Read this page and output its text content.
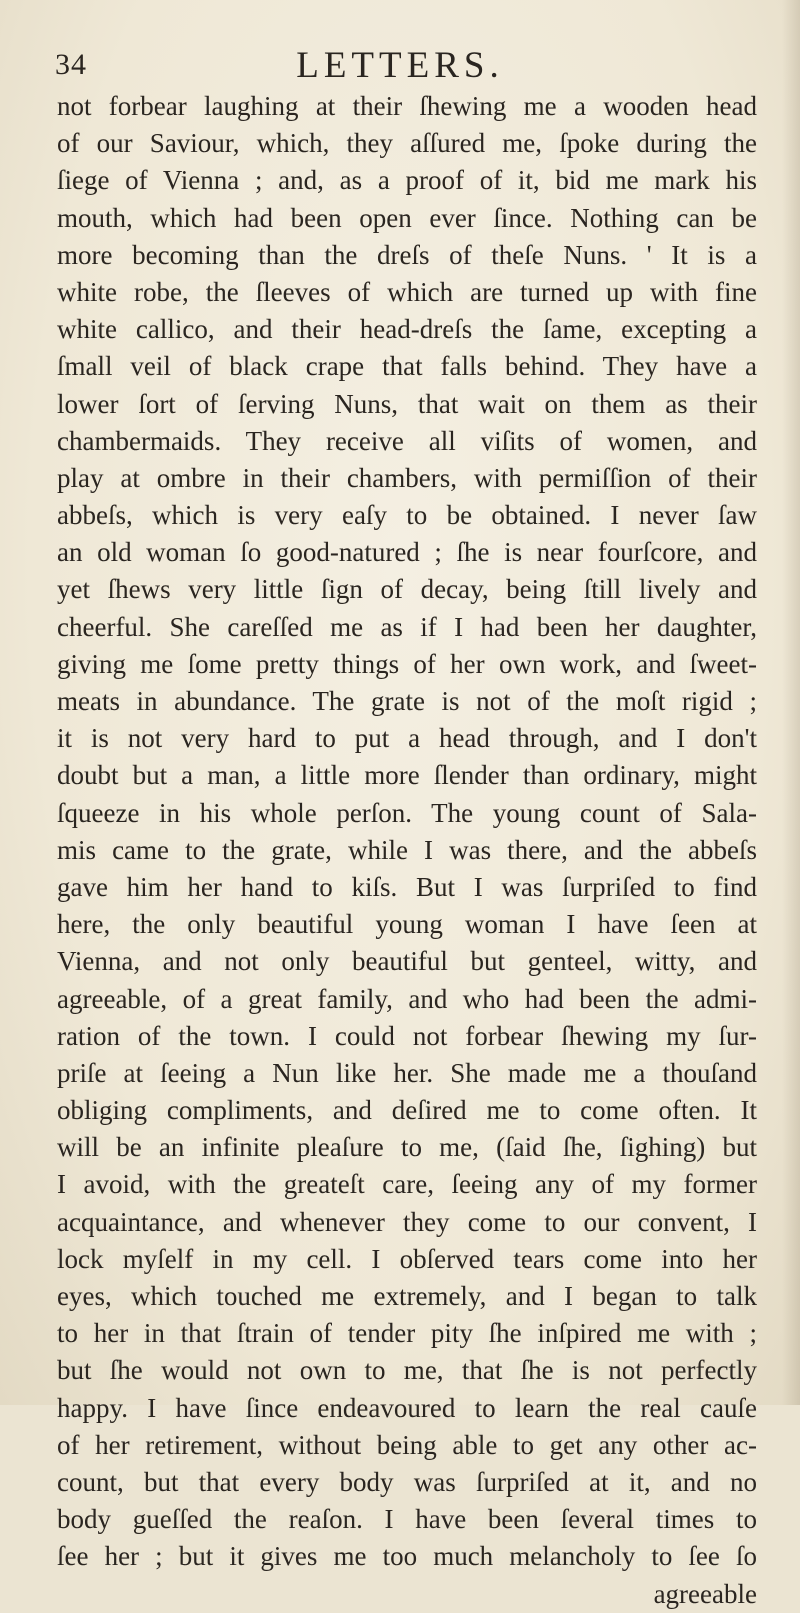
34	LETTERS.
not forbear laughing at their ſhewing me a wooden head
of our Saviour, which, they aſſured me, ſpoke during the
ſiege of Vienna ; and, as a proof of it, bid me mark his
mouth, which had been open ever ſince. Nothing can be
more becoming than the dreſs of theſe Nuns. ' It is a
white robe, the ſleeves of which are turned up with fine
white callico, and their head-dreſs the ſame, excepting a
ſmall veil of black crape that falls behind. They have a
lower ſort of ſerving Nuns, that wait on them as their
chambermaids. They receive all viſits of women, and
play at ombre in their chambers, with permiſſion of their
abbeſs, which is very eaſy to be obtained. I never ſaw
an old woman ſo good-natured ; ſhe is near fourſcore, and
yet ſhews very little ſign of decay, being ſtill lively and
cheerful. She careſſed me as if I had been her daughter,
giving me ſome pretty things of her own work, and ſweet-
meats in abundance. The grate is not of the moſt rigid ;
it is not very hard to put a head through, and I don't
doubt but a man, a little more ſlender than ordinary, might
ſqueeze in his whole perſon. The young count of Sala-
mis came to the grate, while I was there, and the abbeſs
gave him her hand to kiſs. But I was ſurpriſed to find
here, the only beautiful young woman I have ſeen at
Vienna, and not only beautiful but genteel, witty, and
agreeable, of a great family, and who had been the admi-
ration of the town. I could not forbear ſhewing my ſur-
priſe at ſeeing a Nun like her. She made me a thouſand
obliging compliments, and deſired me to come often. It
will be an infinite pleaſure to me, (ſaid ſhe, ſighing) but
I avoid, with the greateſt care, ſeeing any of my former
acquaintance, and whenever they come to our convent, I
lock myſelf in my cell. I obſerved tears come into her
eyes, which touched me extremely, and I began to talk
to her in that ſtrain of tender pity ſhe inſpired me with ;
but ſhe would not own to me, that ſhe is not perfectly
happy. I have ſince endeavoured to learn the real cauſe
of her retirement, without being able to get any other ac-
count, but that every body was ſurpriſed at it, and no
body gueſſed the reaſon. I have been ſeveral times to
ſee her ; but it gives me too much melancholy to ſee ſo
agreeable
